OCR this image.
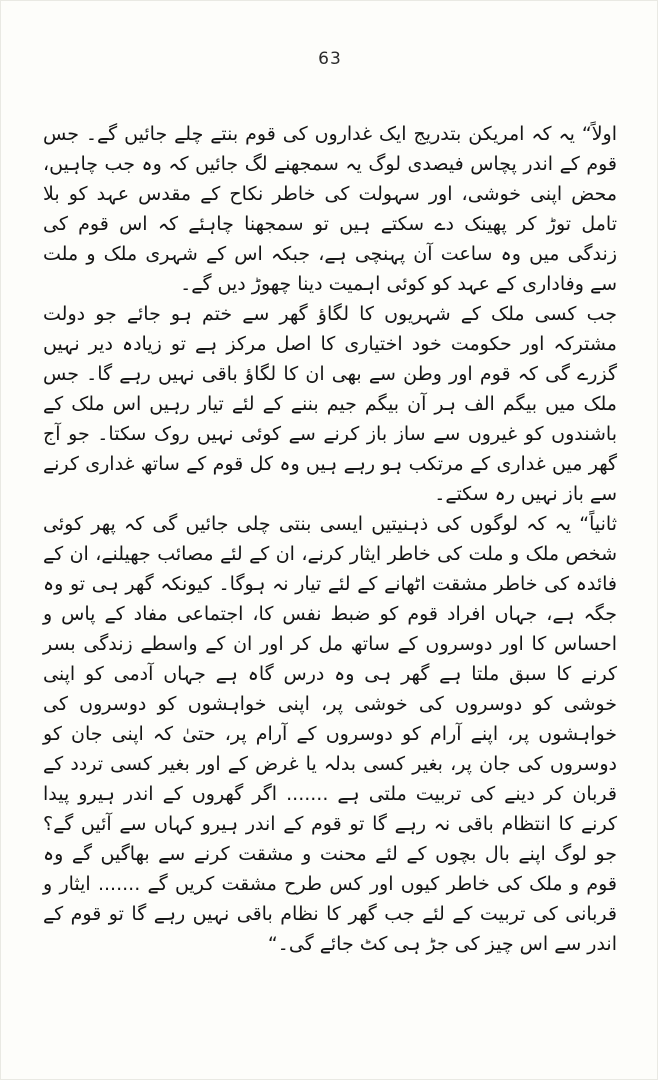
63

اولاً“ یہ کہ امریکن بتدریج ایک غداروں کی قوم بنتے چلے جائیں گے۔ جس قوم کے اندر پچاس فیصدی لوگ یہ سمجھنے لگ جائیں کہ وہ جب چاہیں، محض اپنی خوشی، اور سہولت کی خاطر نکاح کے مقدس عہد کو بلا تامل توڑ کر پھینک دے سکتے ہیں تو سمجھنا چاہئے کہ اس قوم کی زندگی میں وہ ساعت آن پہنچی ہے، جبکہ اس کے شہری ملک و ملت سے وفاداری کے عہد کو کوئی اہمیت دینا چھوڑ دیں گے۔

جب کسی ملک کے شہریوں کا لگاؤ گھر سے ختم ہو جائے جو دولت مشترکہ اور حکومت خود اختیاری کا اصل مرکز ہے تو زیادہ دیر نہیں گزرے گی کہ قوم اور وطن سے بھی ان کا لگاؤ باقی نہیں رہے گا۔ جس ملک میں بیگم الف ہر آن بیگم جیم بننے کے لئے تیار رہیں اس ملک کے باشندوں کو غیروں سے ساز باز کرنے سے کوئی نہیں روک سکتا۔ جو آج گھر میں غداری کے مرتکب ہو رہے ہیں وہ کل قوم کے ساتھ غداری کرنے سے باز نہیں رہ سکتے۔

ثانیاً“ یہ کہ لوگوں کی ذہنیتیں ایسی بنتی چلی جائیں گی کہ پھر کوئی شخص ملک و ملت کی خاطر ایثار کرنے، ان کے لئے مصائب جھیلنے، ان کے فائدہ کی خاطر مشقت اٹھانے کے لئے تیار نہ ہوگا۔ کیونکہ گھر ہی تو وہ جگہ ہے، جہاں افراد قوم کو ضبط نفس کا، اجتماعی مفاد کے پاس و احساس کا اور دوسروں کے ساتھ مل کر اور ان کے واسطے زندگی بسر کرنے کا سبق ملتا ہے گھر ہی وہ درس گاہ ہے جہاں آدمی کو اپنی خوشی کو دوسروں کی خوشی پر، اپنی خواہشوں کو دوسروں کی خواہشوں پر، اپنے آرام کو دوسروں کے آرام پر، حتیٰ کہ اپنی جان کو دوسروں کی جان پر، بغیر کسی بدلہ یا غرض کے اور بغیر کسی تردد کے قربان کر دینے کی تربیت ملتی ہے ....... اگر گھروں کے اندر ہیرو پیدا کرنے کا انتظام باقی نہ رہے گا تو قوم کے اندر ہیرو کہاں سے آئیں گے؟ جو لوگ اپنے بال بچوں کے لئے محنت و مشقت کرنے سے بھاگیں گے وہ قوم و ملک کی خاطر کیوں اور کس طرح مشقت کریں گے ....... ایثار و قربانی کی تربیت کے لئے جب گھر کا نظام باقی نہیں رہے گا تو قوم کے اندر سے اس چیز کی جڑ ہی کٹ جائے گی۔“
